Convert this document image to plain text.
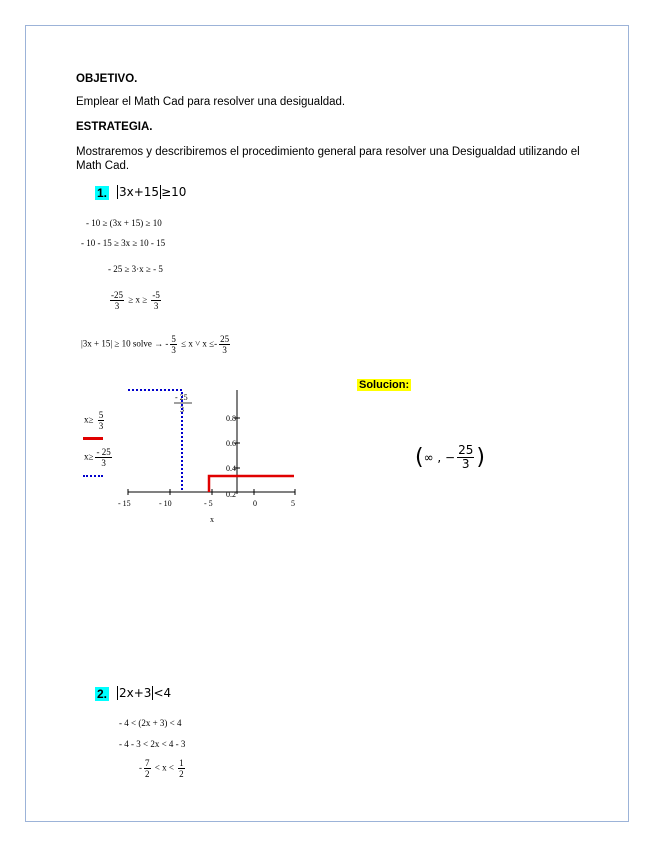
OBJETIVO.
Emplear el Math Cad para resolver una desigualdad.
ESTRATEGIA.
Mostraremos y describiremos el procedimiento general para resolver una Desigualdad utilizando el Math Cad.
1. 3x+15 ≥10
- 10 ≥ (3x + 15) ≥ 10
- 10 - 15 ≥ 3x ≥ 10 - 15
- 25 ≥ 3·x ≥ - 5
$\frac{-25}{3} \ge x \ge \frac{-5}{3}$
|3x + 15| ≥ 10 solve → - $\frac{5}{3} \le x$ ˅ $x \le- \frac{25}{3}$
$x\ge \frac{5}{3}$
$x\ge \frac{- 25}{3}$
- 15	- 10	- 5	0	5
x
0.8
0.6
0.4
0.2
- 25
3
Solucion:
(∞ , − $\frac{25}{3}$ )
2. 2x+3 <4
- 4 < (2x + 3) < 4
- 4 - 3 < 2x < 4 - 3
- $\frac{7}{2} < x < \frac{1}{2}$
